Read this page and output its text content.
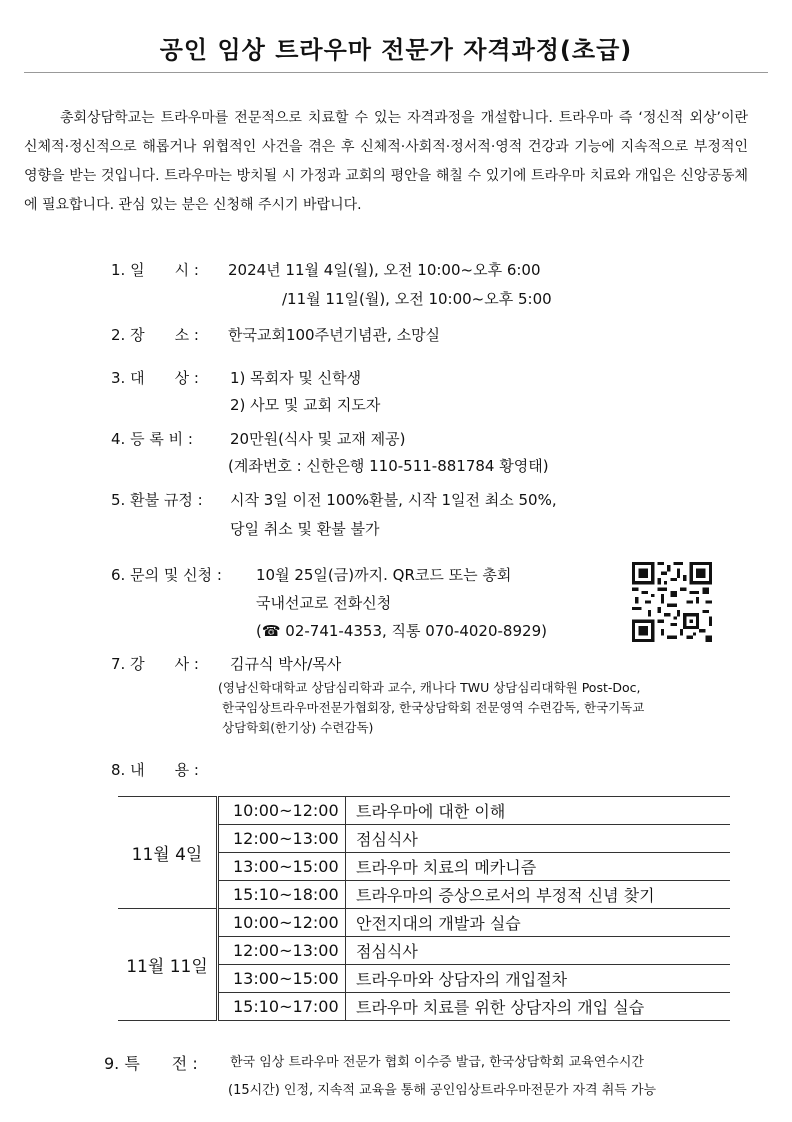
공인 임상 트라우마 전문가 자격과정(초급)

총회상담학교는 트라우마를 전문적으로 치료할 수 있는 자격과정을 개설합니다. 트라우마 즉 ‘정신적 외상’이란 신체적·정신적으로 해롭거나 위협적인 사건을 겪은 후 신체적·사회적·정서적·영적 건강과 기능에 지속적으로 부정적인 영향을 받는 것입니다. 트라우마는 방치될 시 가정과 교회의 평안을 해칠 수 있기에 트라우마 치료와 개입은 신앙공동체에 필요합니다. 관심 있는 분은 신청해 주시기 바랍니다.

1. 일　　시 : 2024년 11월 4일(월), 오전 10:00~오후 6:00
/11월 11일(월), 오전 10:00~오후 5:00
2. 장　　소 : 한국교회100주년기념관, 소망실
3. 대　　상 : 1) 목회자 및 신학생
2) 사모 및 교회 지도자
4. 등 록 비 : 20만원(식사 및 교재 제공)
(계좌번호 : 신한은행 110-511-881784 황영태)
5. 환불 규정 : 시작 3일 이전 100%환불, 시작 1일전 최소 50%,
당일 취소 및 환불 불가
6. 문의 및 신청 : 10월 25일(금)까지. QR코드 또는 총회
국내선교로 전화신청
(☎ 02-741-4353, 직통 070-4020-8929)
7. 강　　사 : 김규식 박사/목사
(영남신학대학교 상담심리학과 교수, 캐나다 TWU 상담심리대학원 Post-Doc,
한국임상트라우마전문가협회장, 한국상담학회 전문영역 수련감독, 한국기독교
상담학회(한기상) 수련감독)
8. 내　　용 :
11월 4일	10:00~12:00	트라우마에 대한 이해
	12:00~13:00	점심식사
	13:00~15:00	트라우마 치료의 메카니즘
	15:10~18:00	트라우마의 증상으로서의 부정적 신념 찾기
11월 11일	10:00~12:00	안전지대의 개발과 실습
	12:00~13:00	점심식사
	13:00~15:00	트라우마와 상담자의 개입절차
	15:10~17:00	트라우마 치료를 위한 상담자의 개입 실습
9. 특　　전 : 한국 임상 트라우마 전문가 협회 이수증 발급, 한국상담학회 교육연수시간
(15시간) 인정, 지속적 교육을 통해 공인임상트라우마전문가 자격 취득 가능
